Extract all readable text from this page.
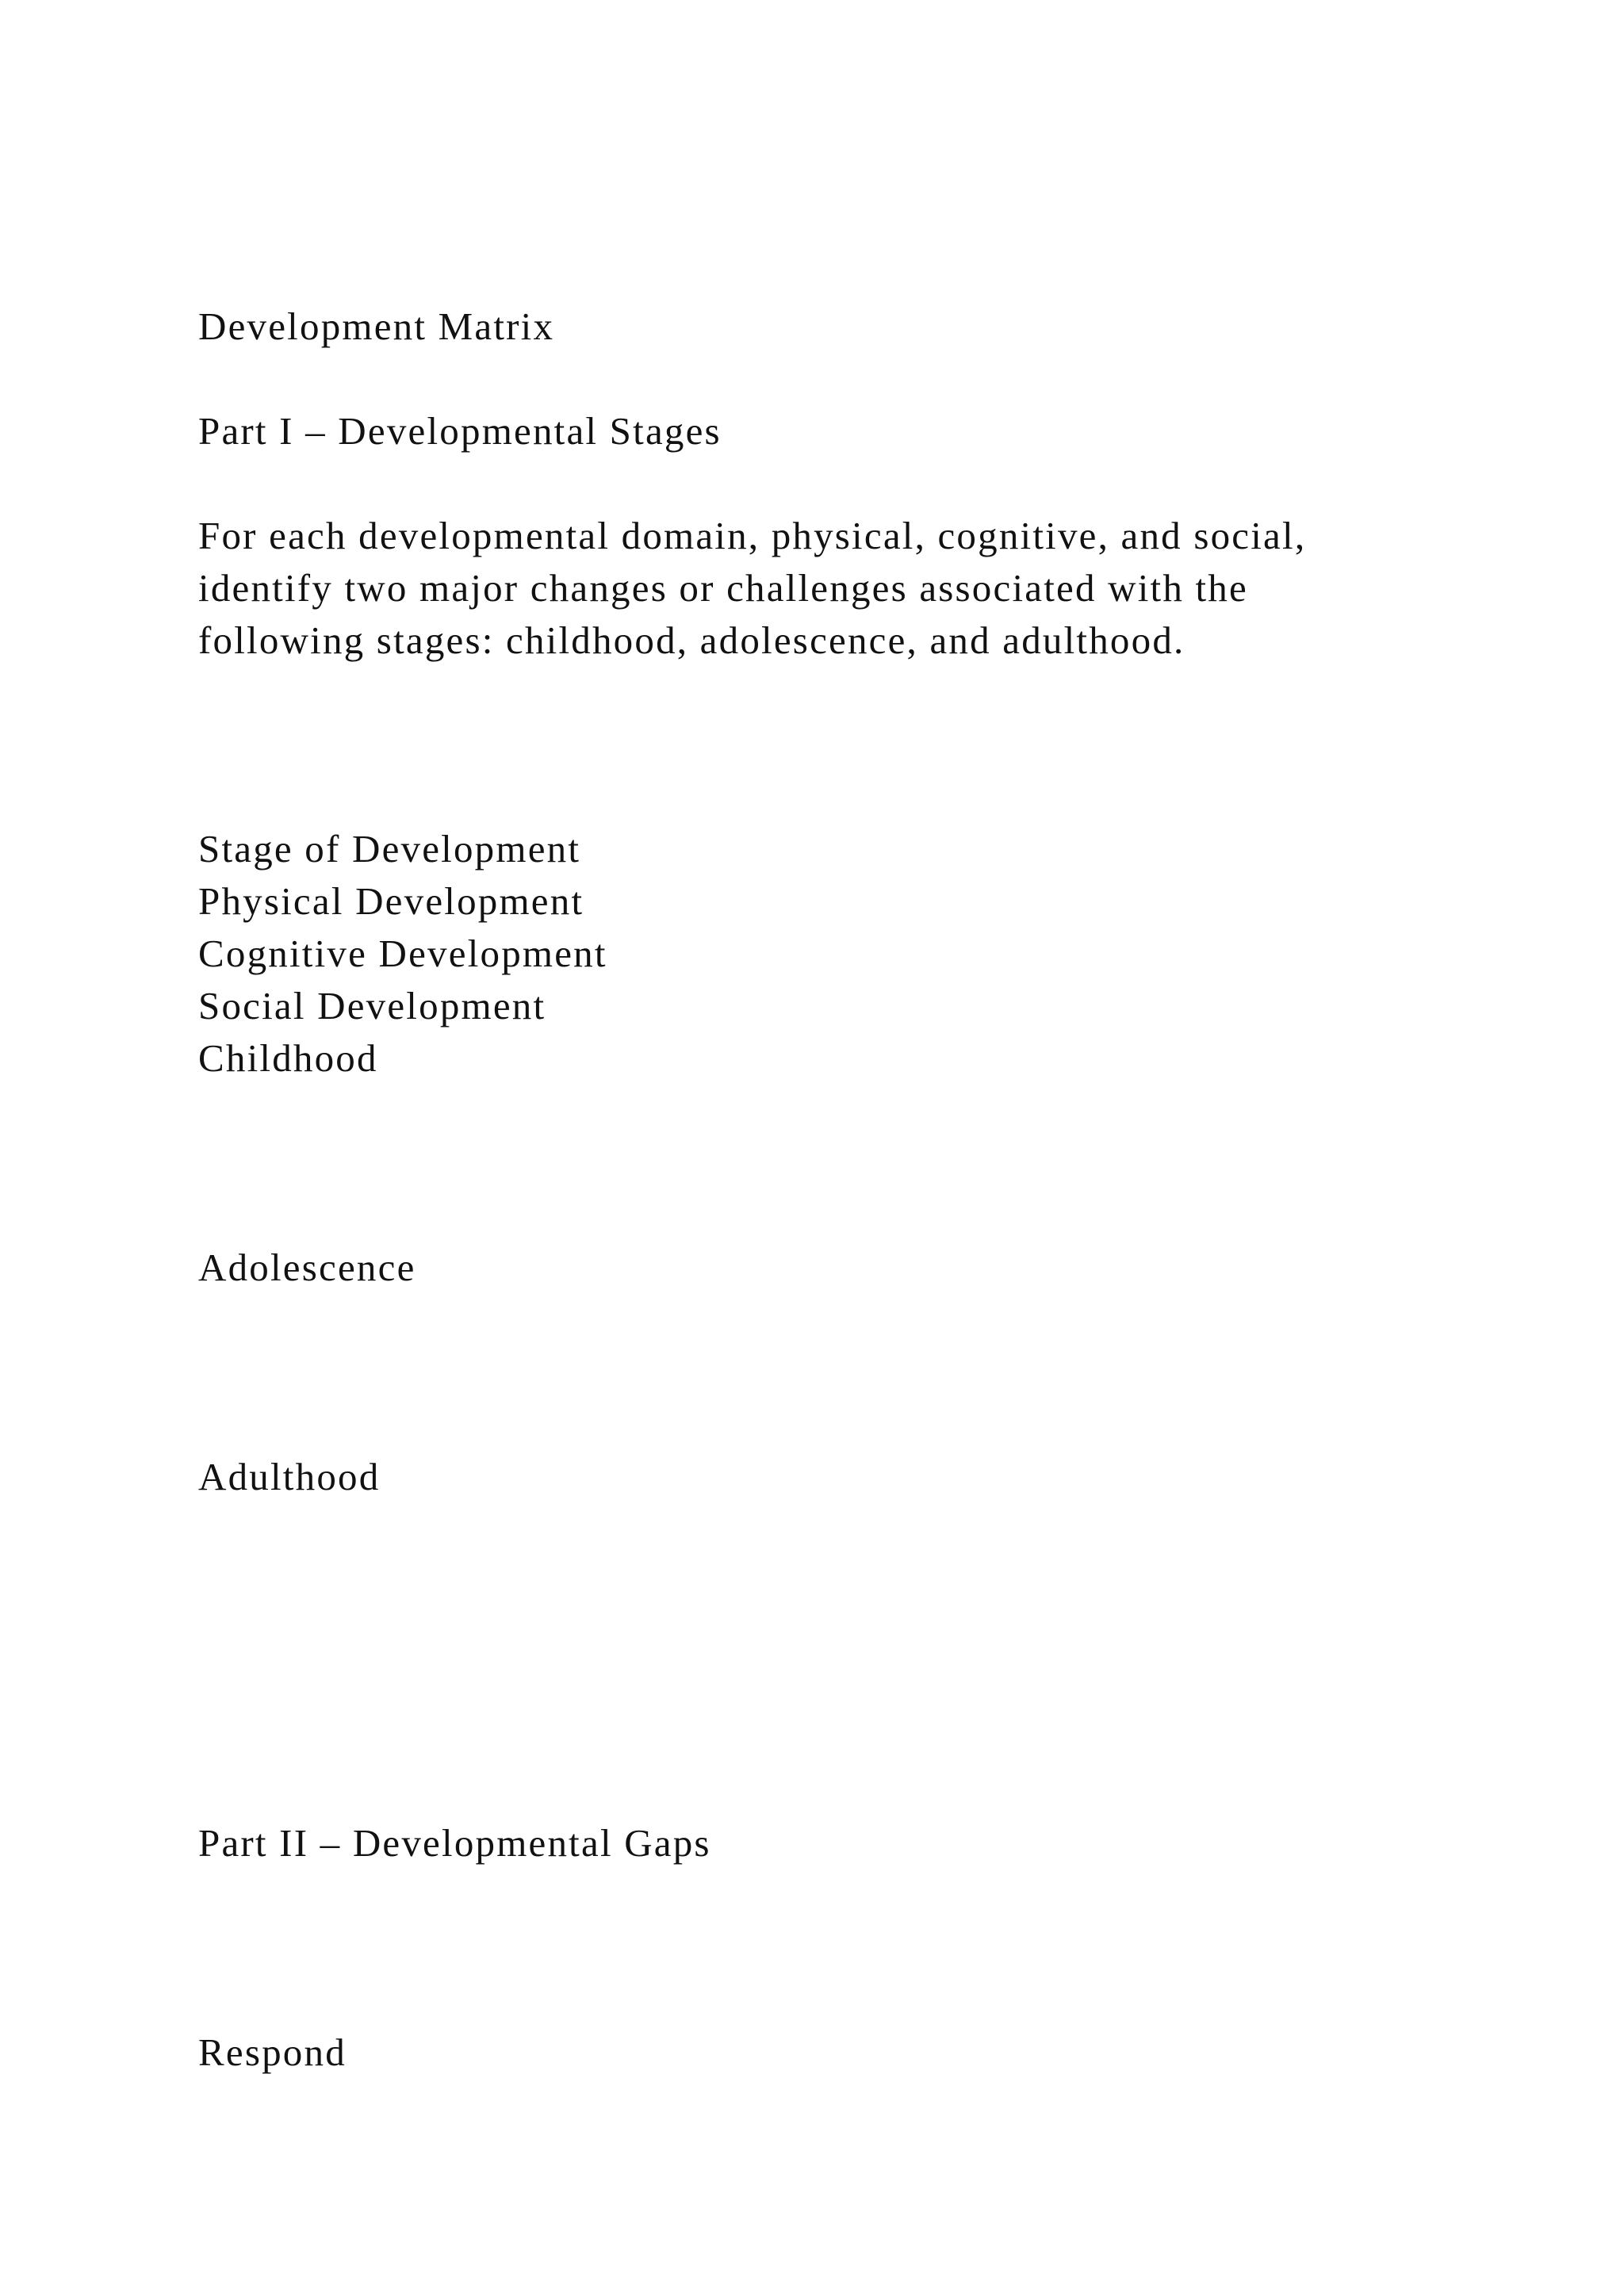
Development Matrix
Part I – Developmental Stages

For each developmental domain, physical, cognitive, and social,

identify two major changes or challenges associated with the

following stages: childhood, adolescence, and adulthood.

Stage of Development

Physical Development

Cognitive Development

Social Development

Childhood

Adolescence

Adulthood

Part II – Developmental Gaps

Respond
